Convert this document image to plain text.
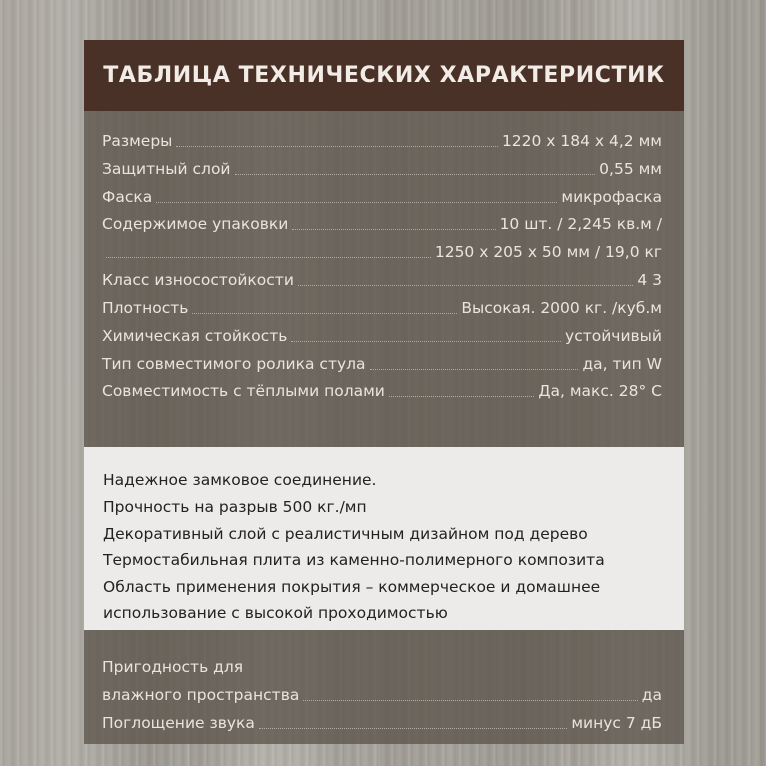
ТАБЛИЦА ТЕХНИЧЕСКИХ ХАРАКТЕРИСТИК
Размеры	1220 х 184 х 4,2 мм
Защитный слой	0,55 мм
Фаска	микрофаска
Содержимое упаковки	10 шт. / 2,245 кв.м /
1250 х 205 х 50 мм / 19,0 кг
Класс износостойкости	4 3
Плотность	Высокая. 2000 кг. /куб.м
Химическая стойкость	устойчивый
Тип совместимого ролика стула	да, тип W
Совместимость с тёплыми полами	Да, макс. 28° С
Надежное замковое соединение.
Прочность на разрыв 500 кг./мп
Декоративный слой с реалистичным дизайном под дерево
Термостабильная плита из каменно-полимерного композита
Область применения покрытия – коммерческое и домашнее
использование с высокой проходимостью
Пригодность для
влажного пространства	да
Поглощение звука	минус 7 дБ
